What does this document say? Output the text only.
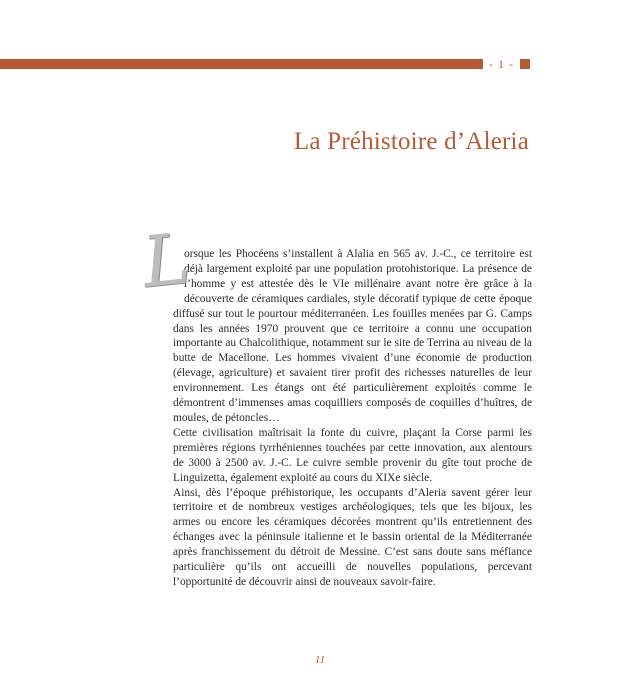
- 1 -
La Préhistoire d’Aleria

L
orsque les Phocéens s’installent à Alalia en 565 av. J.-C., ce territoire est déjà largement exploité par une population protohistorique. La présence de l’homme y est attestée dès le VIe millénaire avant notre ère grâce à la découverte de céramiques cardiales, style décoratif typique de cette époque diffusé sur tout le pourtour méditerranéen. Les fouilles menées par G. Camps dans les années 1970 prouvent que ce territoire a connu une occupation importante au Chalcolithique, notamment sur le site de Terrina au niveau de la butte de Macellone. Les hommes vivaient d’une économie de production (élevage, agriculture) et savaient tirer profit des richesses naturelles de leur environnement. Les étangs ont été particulièrement exploités comme le démontrent d’immenses amas coquilliers composés de coquilles d’huîtres, de moules, de pétoncles…

Cette civilisation maîtrisait la fonte du cuivre, plaçant la Corse parmi les premières régions tyrrhéniennes touchées par cette innovation, aux alentours de 3000 à 2500 av. J.-C. Le cuivre semble provenir du gîte tout proche de Linguizetta, également exploité au cours du XIXe siècle.

Ainsi, dès l’époque préhistorique, les occupants d’Aleria savent gérer leur territoire et de nombreux vestiges archéologiques, tels que les bijoux, les armes ou encore les céramiques décorées montrent qu’ils entretiennent des échanges avec la péninsule italienne et le bassin oriental de la Méditerranée après franchissement du détroit de Messine. C’est sans doute sans méfiance particulière qu’ils ont accueilli de nouvelles populations, percevant l’opportunité de découvrir ainsi de nouveaux savoir-faire.

11
